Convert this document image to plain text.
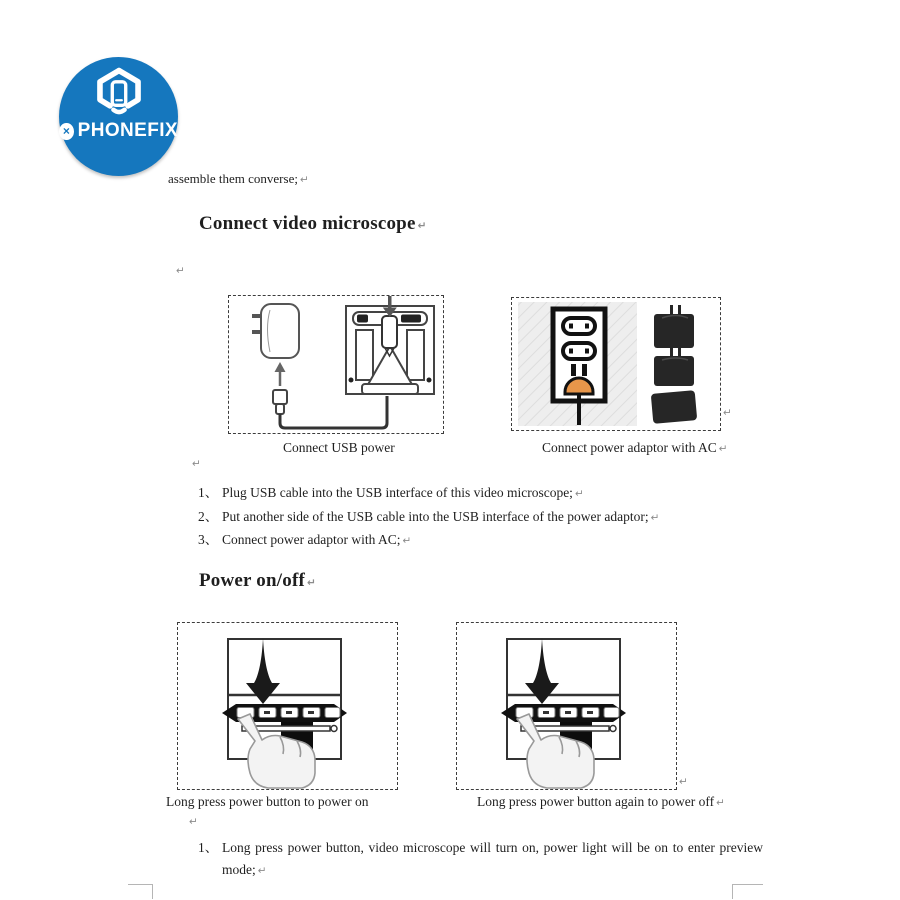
× PHONEFIX
assemble them converse; ↵
Connect video microscope ↵
↵
↵
Connect USB power	Connect power adaptor with AC ↵
↵
1、 Plug USB cable into the USB interface of this video microscope; ↵
2、 Put another side of the USB cable into the USB interface of the power adaptor; ↵
3、 Connect power adaptor with AC; ↵
Power on/off ↵
↵
Long press power button to power on	Long press power button again to power off ↵
↵
1、 Long press power button, video microscope will turn on, power light will be on to enter preview mode; ↵
